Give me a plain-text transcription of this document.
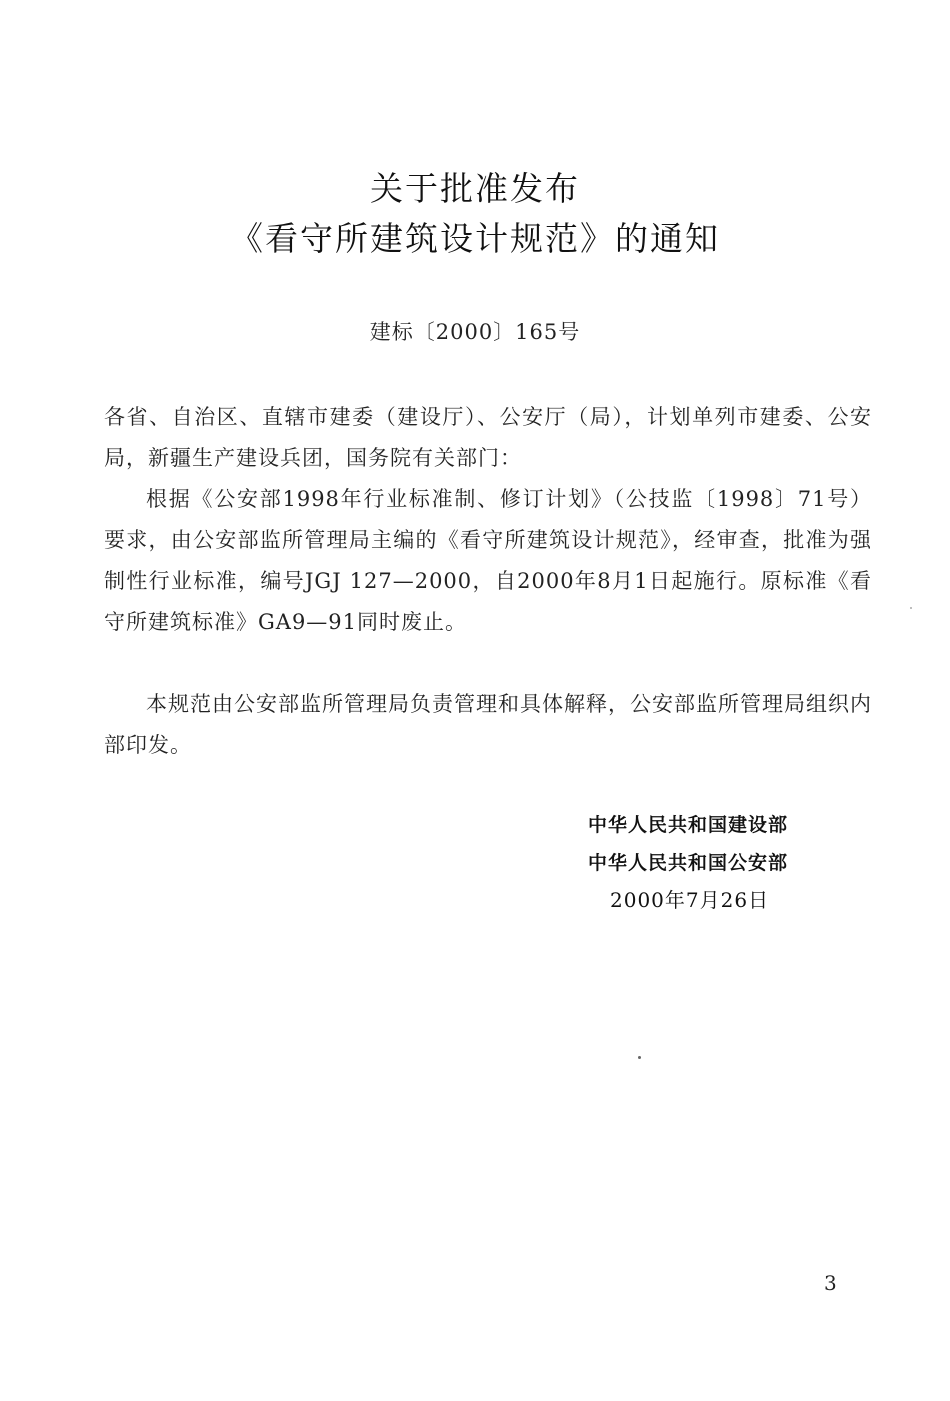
关于批准发布
《看守所建筑设计规范》的通知
建标〔2000〕165号
各省、自治区、直辖市建委（建设厅）、公安厅（局），计划单列市建委、公安局，新疆生产建设兵团，国务院有关部门：
根据《公安部1998年行业标准制、修订计划》（公技监〔1998〕71号）要求，由公安部监所管理局主编的《看守所建筑设计规范》，经审查，批准为强制性行业标准，编号JGJ 127—2000，自2000年8月1日起施行。原标准《看守所建筑标准》GA9—91同时废止。
本规范由公安部监所管理局负责管理和具体解释，公安部监所管理局组织内部印发。
中华人民共和国建设部
中华人民共和国公安部
2000年7月26日
3
